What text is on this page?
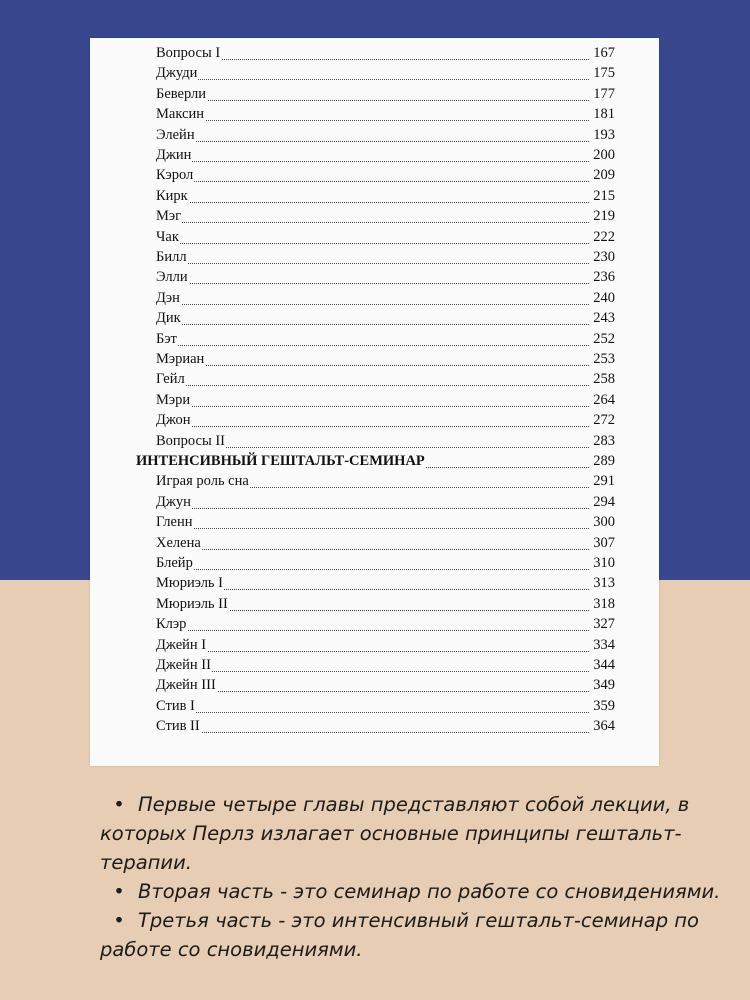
Вопросы I	167
Джуди	175
Беверли	177
Максин	181
Элейн	193
Джин	200
Кэрол	209
Кирк	215
Мэг	219
Чак	222
Билл	230
Элли	236
Дэн	240
Дик	243
Бэт	252
Мэриан	253
Гейл	258
Мэри	264
Джон	272
Вопросы II	283
ИНТЕНСИВНЫЙ ГЕШТАЛЬТ-СЕМИНАР	289
Играя роль сна	291
Джун	294
Гленн	300
Хелена	307
Блейр	310
Мюриэль I	313
Мюриэль II	318
Клэр	327
Джейн I	334
Джейн II	344
Джейн III	349
Стив I	359
Стив II	364

• Первые четыре главы представляют собой лекции, в которых Перлз излагает основные принципы гештальт-терапии.

• Вторая часть - это семинар по работе со сновидениями.

• Третья часть - это интенсивный гештальт-семинар по работе со сновидениями.
